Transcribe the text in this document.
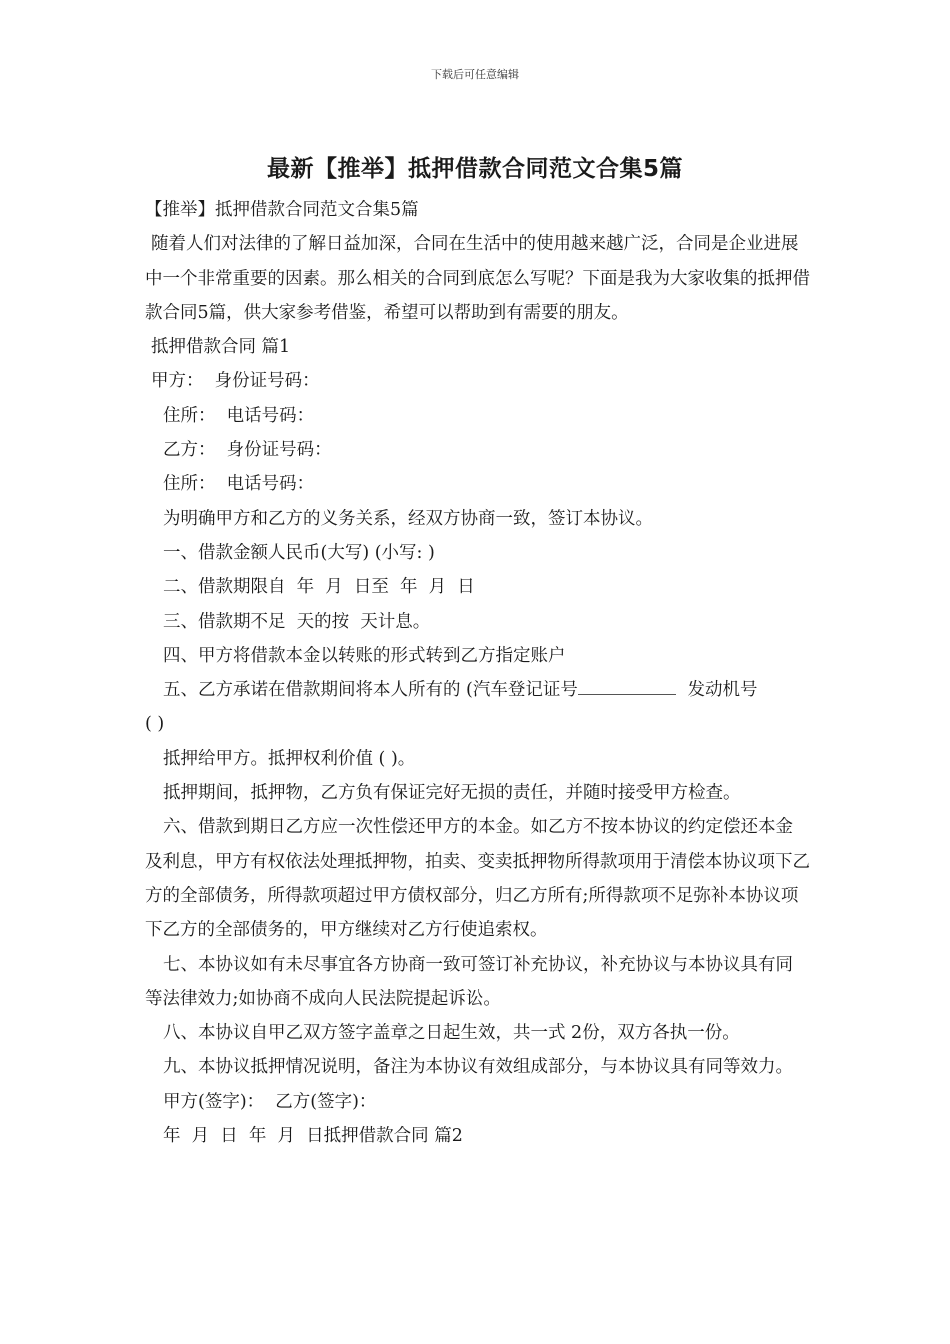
下载后可任意编辑
最新【推举】抵押借款合同范文合集5篇

【推举】抵押借款合同范文合集5篇

随着人们对法律的了解日益加深，合同在生活中的使用越来越广泛，合同是企业进展中一个非常重要的因素。那么相关的合同到底怎么写呢？下面是我为大家收集的抵押借款合同5篇，供大家参考借鉴，希望可以帮助到有需要的朋友。

抵押借款合同 篇1

甲方：  身份证号码：

住所：  电话号码：

乙方：  身份证号码：

住所：  电话号码：

为明确甲方和乙方的义务关系，经双方协商一致，签订本协议。

一、借款金额人民币(大写) (小写: )

二、借款期限自  年  月  日至  年  月  日

三、借款期不足  天的按  天计息。

四、甲方将借款本金以转账的形式转到乙方指定账户

五、乙方承诺在借款期间将本人所有的 (汽车登记证号	发动机号

( )

抵押给甲方。抵押权利价值 ( )。

抵押期间，抵押物，乙方负有保证完好无损的责任，并随时接受甲方检查。

六、借款到期日乙方应一次性偿还甲方的本金。如乙方不按本协议的约定偿还本金及利息，甲方有权依法处理抵押物，拍卖、变卖抵押物所得款项用于清偿本协议项下乙方的全部债务，所得款项超过甲方债权部分，归乙方所有;所得款项不足弥补本协议项下乙方的全部债务的，甲方继续对乙方行使追索权。

七、本协议如有未尽事宜各方协商一致可签订补充协议，补充协议与本协议具有同等法律效力;如协商不成向人民法院提起诉讼。

八、本协议自甲乙双方签字盖章之日起生效，共一式 2份，双方各执一份。

九、本协议抵押情况说明，备注为本协议有效组成部分，与本协议具有同等效力。

甲方(签字)：  乙方(签字)：

年  月  日  年  月  日抵押借款合同 篇2
